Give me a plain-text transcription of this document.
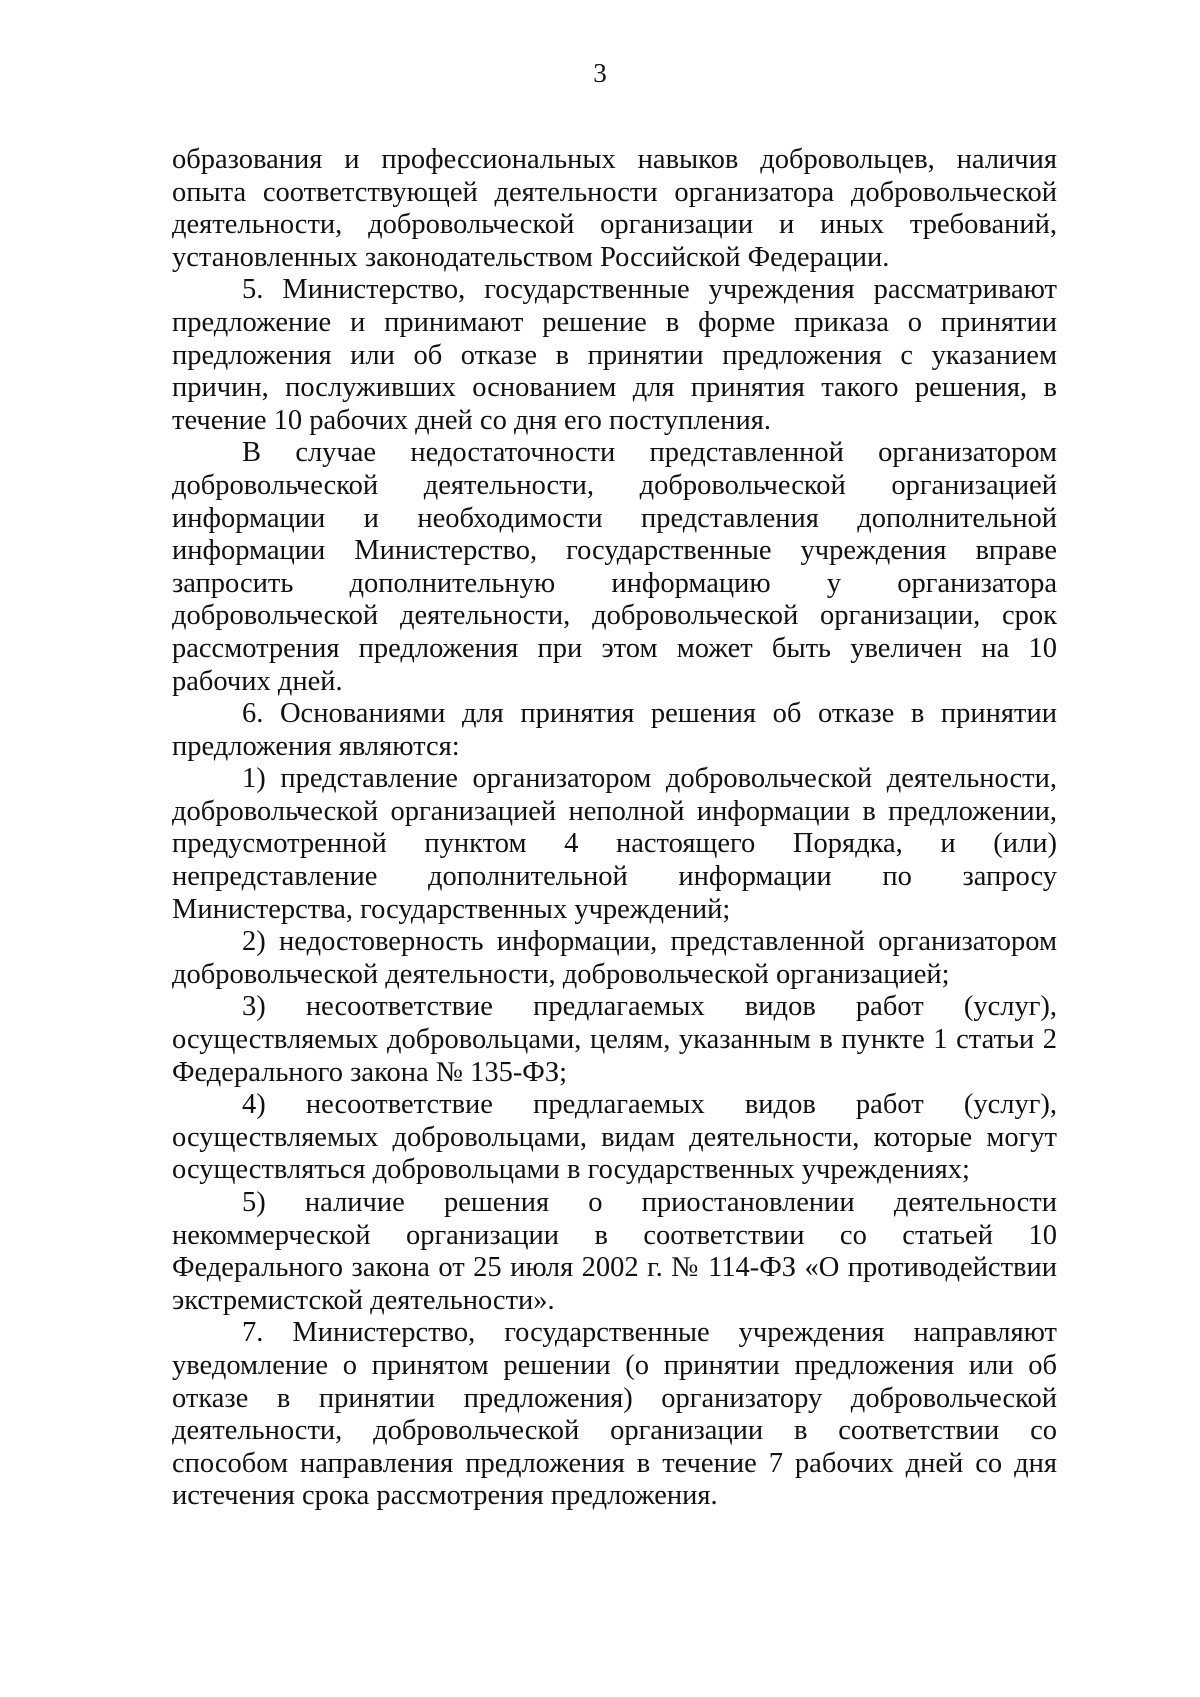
3

образования и профессиональных навыков добровольцев, наличия опыта соответствующей деятельности организатора добровольческой деятельности, добровольческой организации и иных требований, установленных законодательством Российской Федерации.

5. Министерство, государственные учреждения рассматривают предложение и принимают решение в форме приказа о принятии предложения или об отказе в принятии предложения с указанием причин, послуживших основанием для принятия такого решения, в течение 10 рабочих дней со дня его поступления.

В случае недостаточности представленной организатором добровольческой деятельности, добровольческой организацией информации и необходимости представления дополнительной информации Министерство, государственные учреждения вправе запросить дополнительную информацию у организатора добровольческой деятельности, добровольческой организации, срок рассмотрения предложения при этом может быть увеличен на 10 рабочих дней.

6. Основаниями для принятия решения об отказе в принятии предложения являются:

1) представление организатором добровольческой деятельности, добровольческой организацией неполной информации в предложении, предусмотренной пунктом 4 настоящего Порядка, и (или) непредставление дополнительной информации по запросу Министерства, государственных учреждений;

2) недостоверность информации, представленной организатором добровольческой деятельности, добровольческой организацией;

3) несоответствие предлагаемых видов работ (услуг), осуществляемых добровольцами, целям, указанным в пункте 1 статьи 2 Федерального закона № 135-ФЗ;

4) несоответствие предлагаемых видов работ (услуг), осуществляемых добровольцами, видам деятельности, которые могут осуществляться добровольцами в государственных учреждениях;

5) наличие решения о приостановлении деятельности некоммерческой организации в соответствии со статьей 10 Федерального закона от 25 июля 2002 г. № 114-ФЗ «О противодействии экстремистской деятельности».

7. Министерство, государственные учреждения направляют уведомление о принятом решении (о принятии предложения или об отказе в принятии предложения) организатору добровольческой деятельности, добровольческой организации в соответствии со способом направления предложения в течение 7 рабочих дней со дня истечения срока рассмотрения предложения.
